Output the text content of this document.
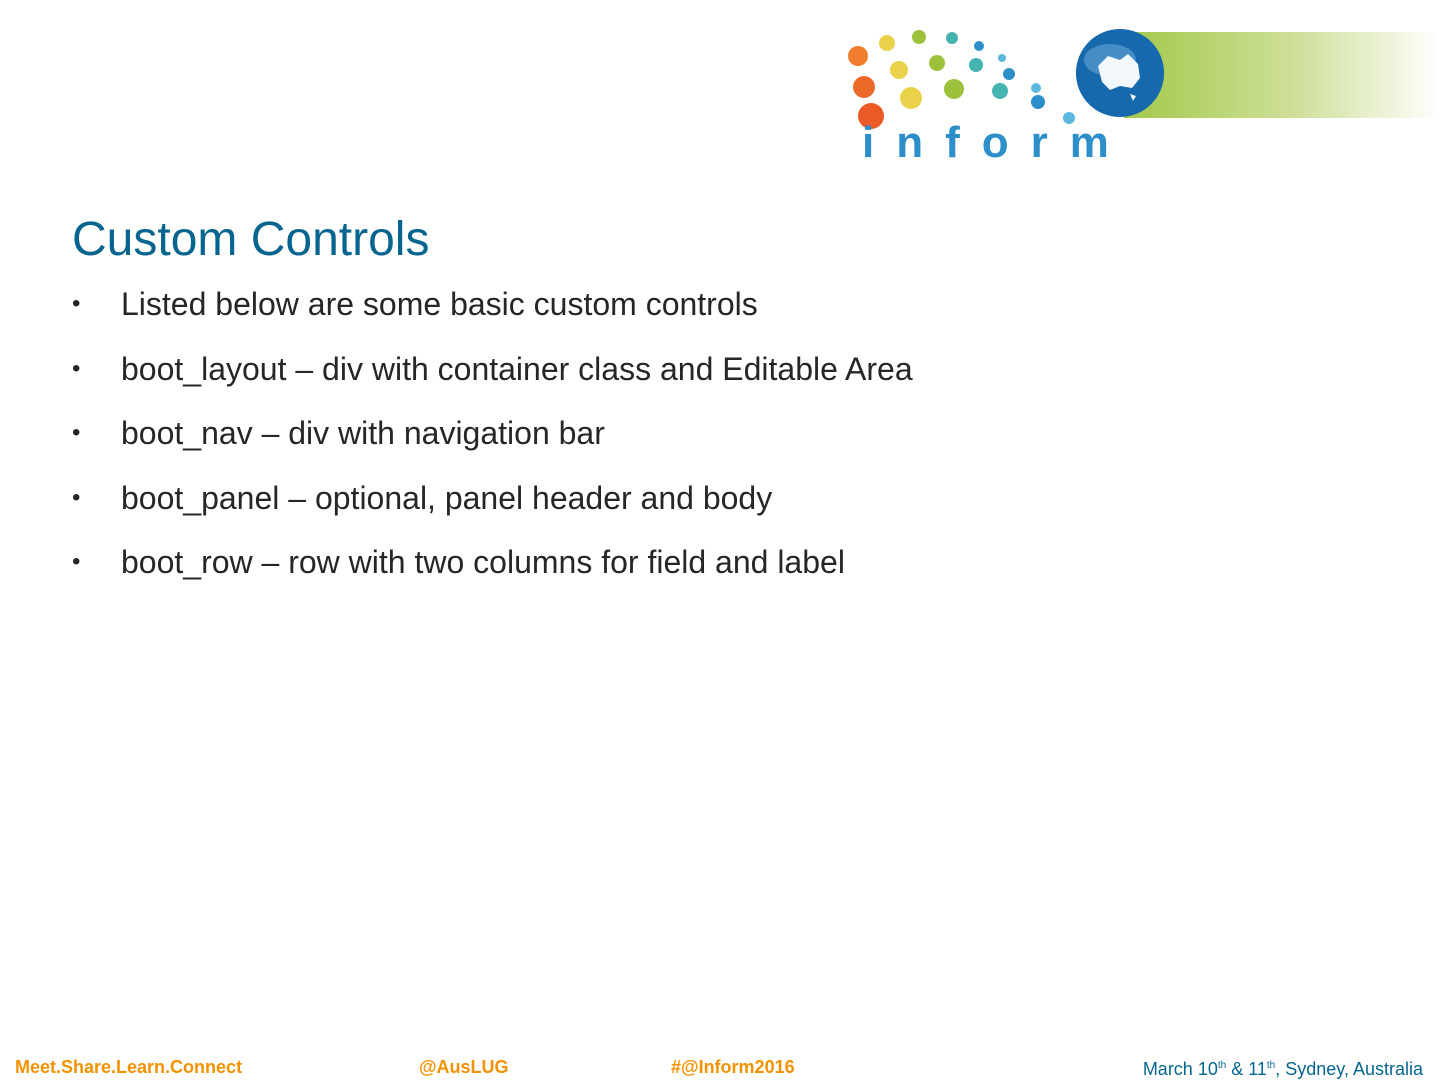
inform
Custom Controls
• Listed below are some basic custom controls
• boot_layout – div with container class and Editable Area
• boot_nav – div with navigation bar
• boot_panel – optional, panel header and body
• boot_row – row with two columns for field and label
Meet.Share.Learn.Connect	@AusLUG	#@Inform2016	March 10th & 11th, Sydney, Australia
